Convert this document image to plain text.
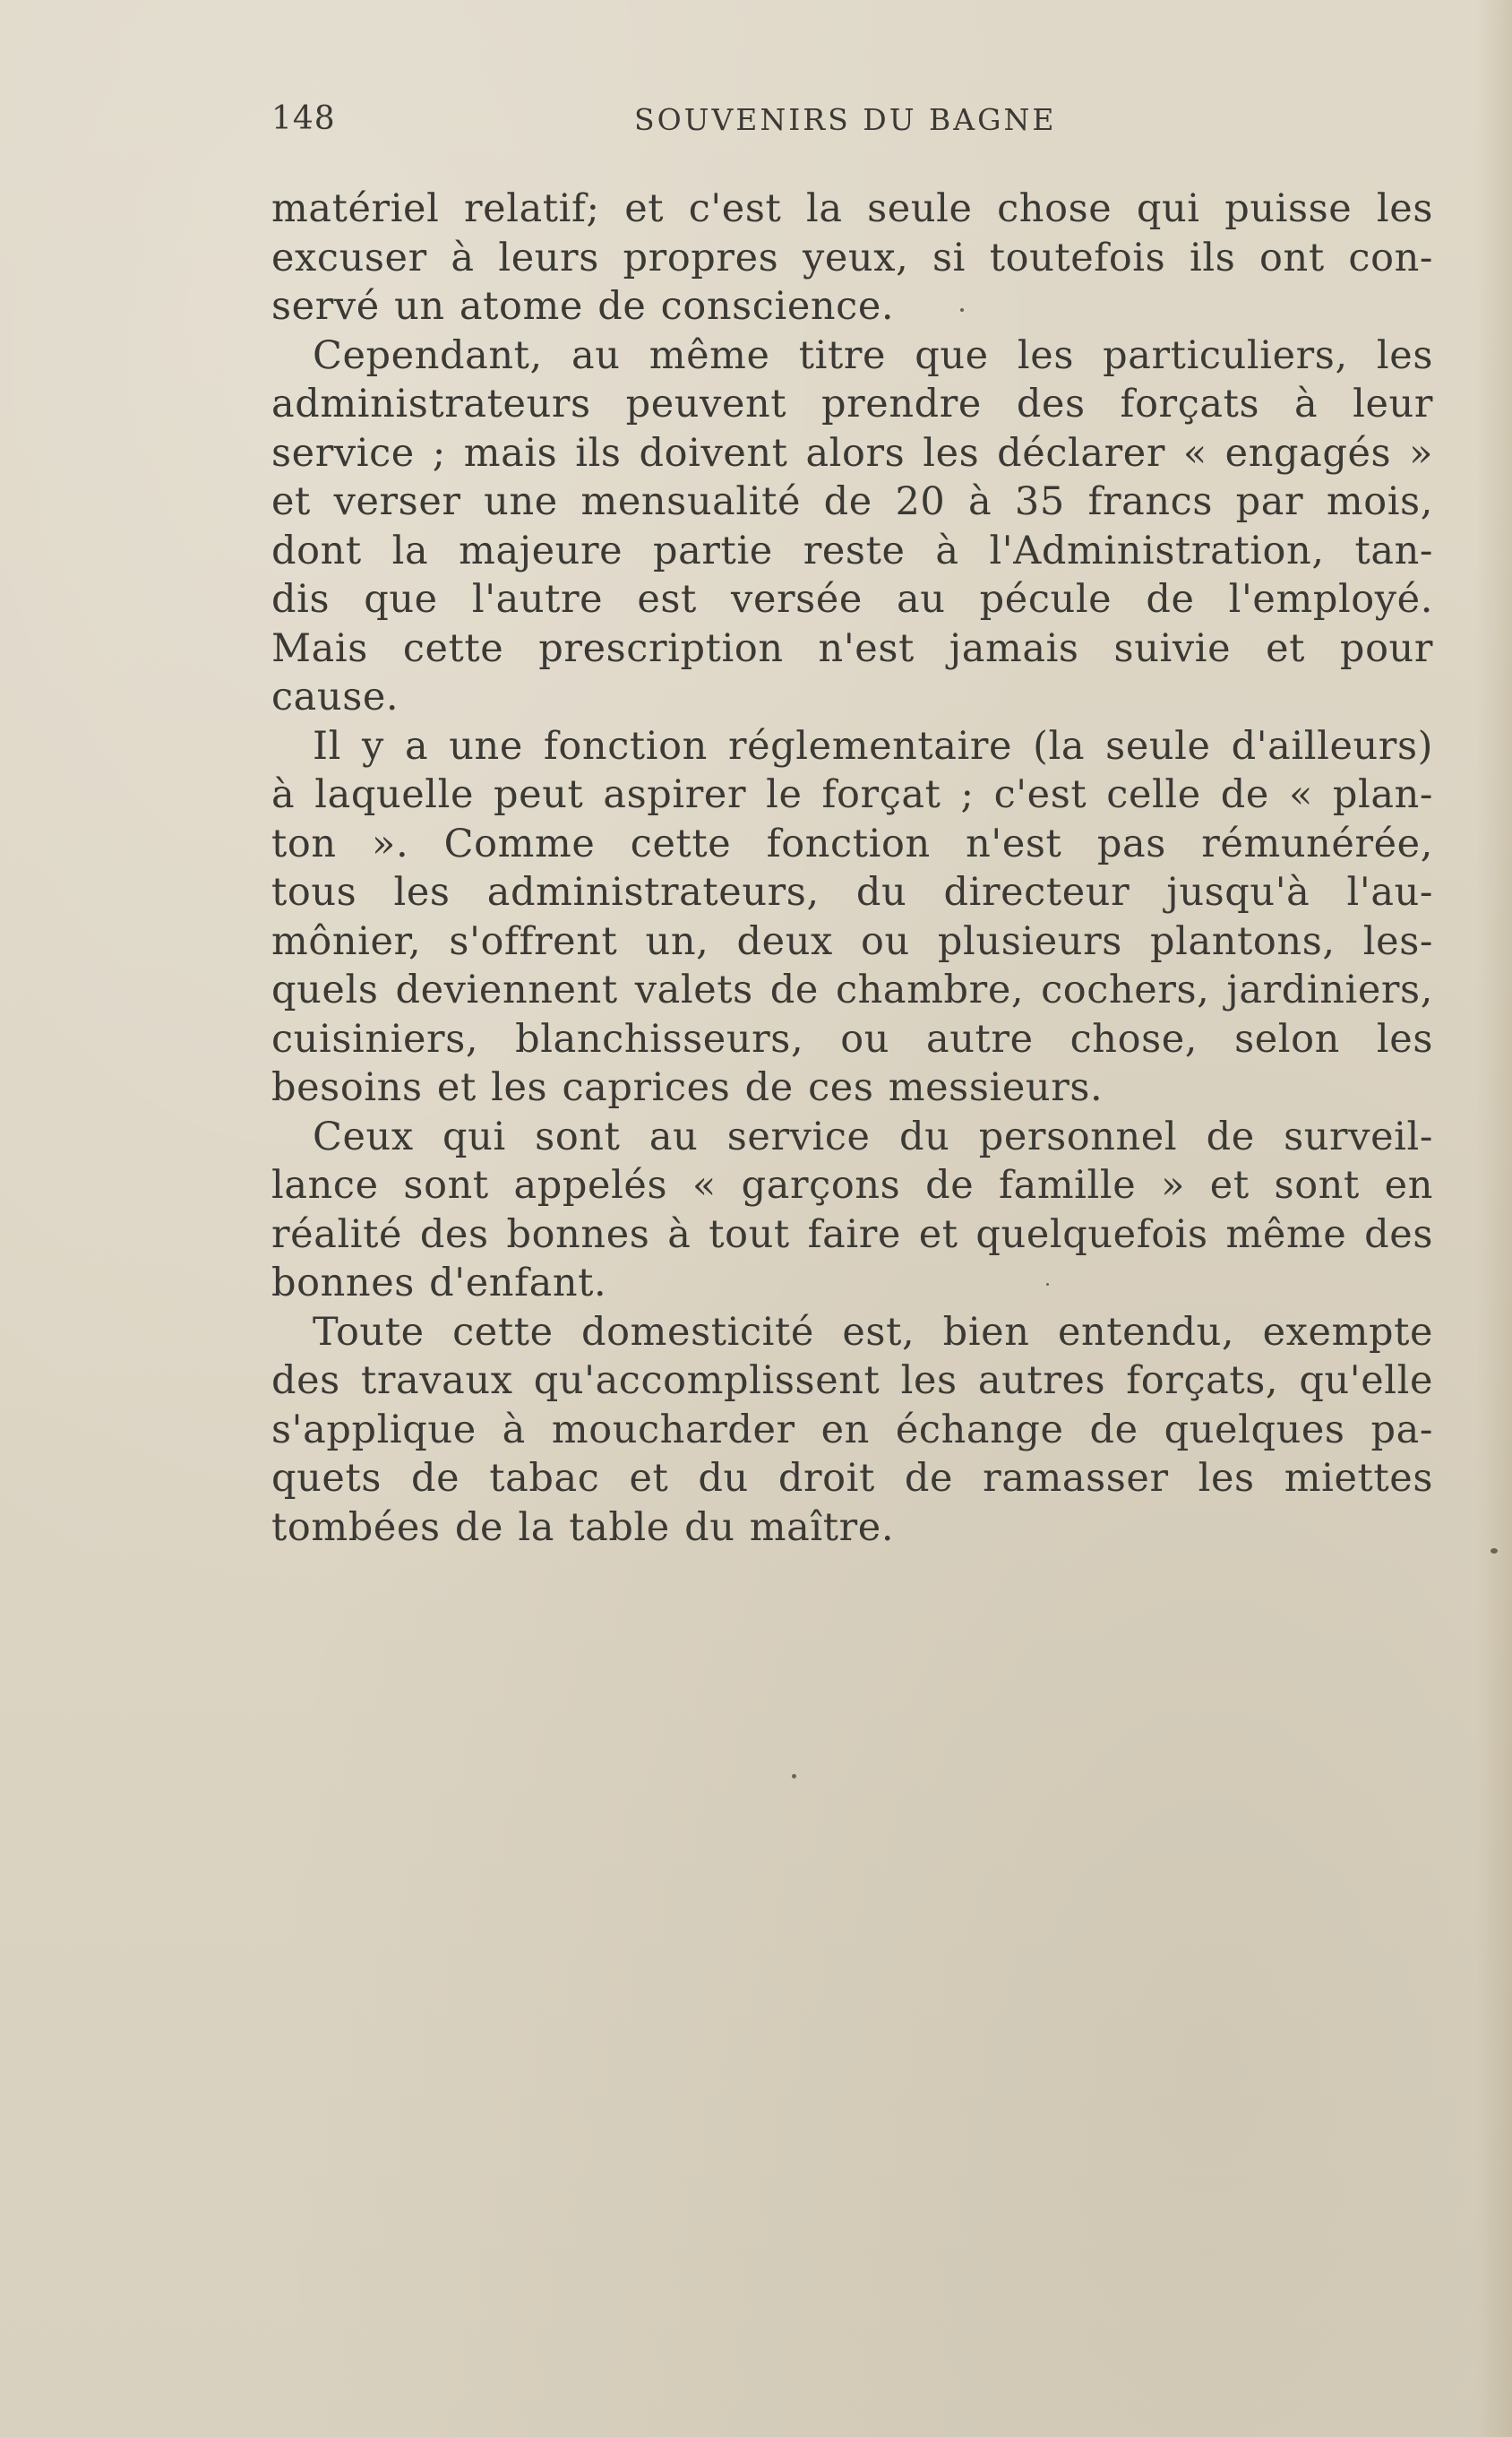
148	SOUVENIRS DU BAGNE
matériel relatif; et c'est la seule chose qui puisse les
excuser à leurs propres yeux, si toutefois ils ont con-
servé un atome de conscience.
Cependant, au même titre que les particuliers, les
administrateurs peuvent prendre des forçats à leur
service ; mais ils doivent alors les déclarer « engagés »
et verser une mensualité de 20 à 35 francs par mois,
dont la majeure partie reste à l'Administration, tan-
dis que l'autre est versée au pécule de l'employé.
Mais cette prescription n'est jamais suivie et pour
cause.
Il y a une fonction réglementaire (la seule d'ailleurs)
à laquelle peut aspirer le forçat ; c'est celle de « plan-
ton ». Comme cette fonction n'est pas rémunérée,
tous les administrateurs, du directeur jusqu'à l'au-
mônier, s'offrent un, deux ou plusieurs plantons, les-
quels deviennent valets de chambre, cochers, jardiniers,
cuisiniers, blanchisseurs, ou autre chose, selon les
besoins et les caprices de ces messieurs.
Ceux qui sont au service du personnel de surveil-
lance sont appelés « garçons de famille » et sont en
réalité des bonnes à tout faire et quelquefois même des
bonnes d'enfant.
Toute cette domesticité est, bien entendu, exempte
des travaux qu'accomplissent les autres forçats, qu'elle
s'applique à moucharder en échange de quelques pa-
quets de tabac et du droit de ramasser les miettes
tombées de la table du maître.
